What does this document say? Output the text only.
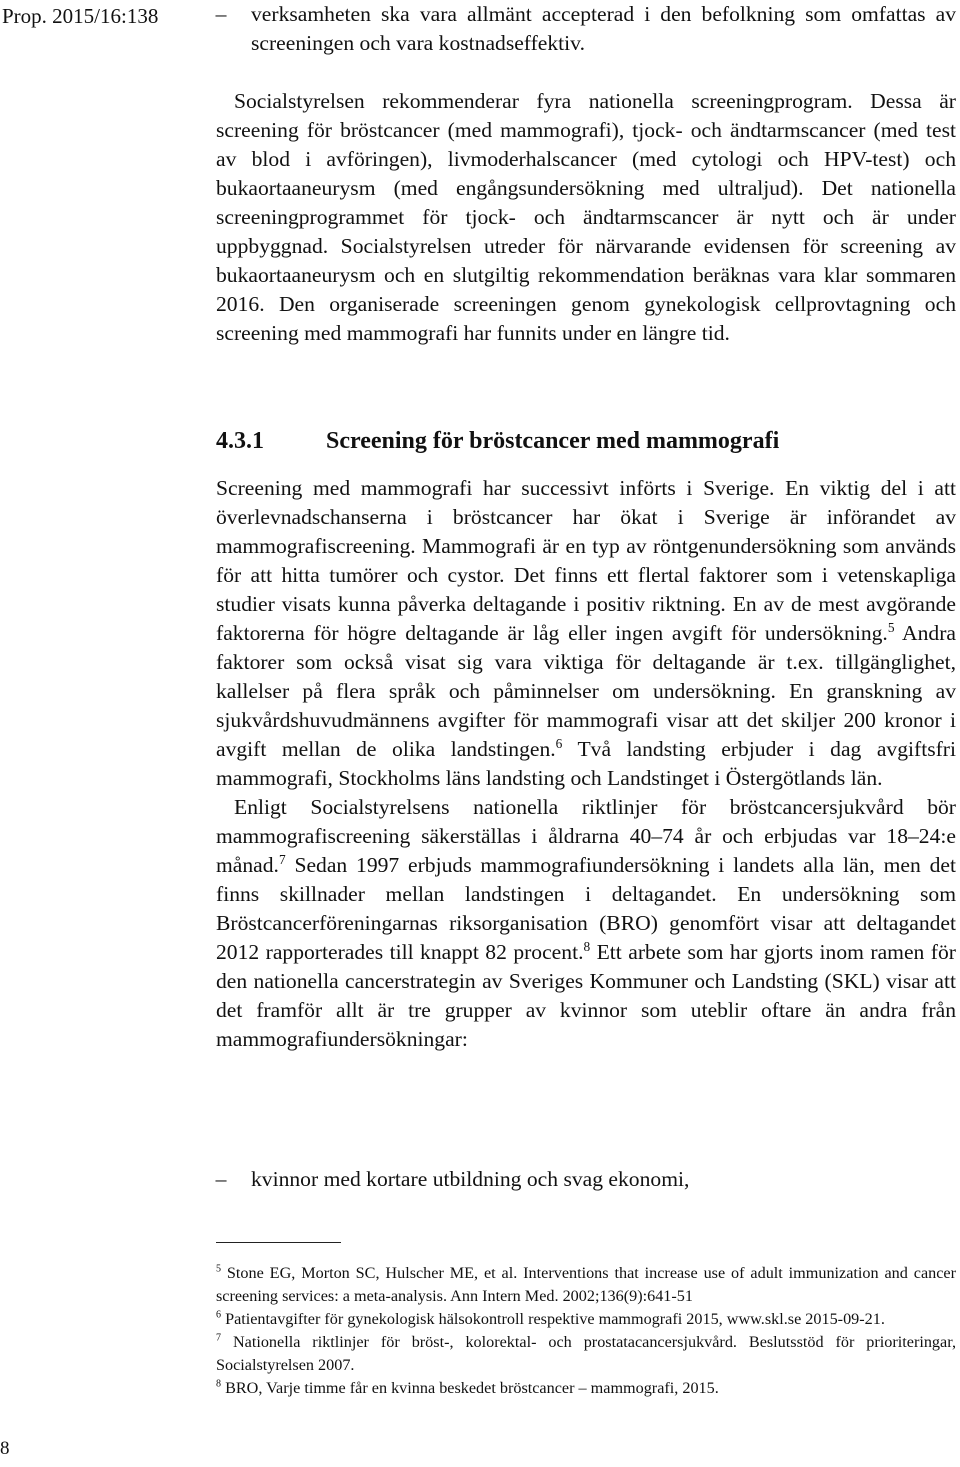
Prop. 2015/16:138	–	verksamheten ska vara allmänt accepterad i den befolkning som omfattas av screeningen och vara kostnadseffektiv.

Socialstyrelsen rekommenderar fyra nationella screeningprogram. Dessa är screening för bröstcancer (med mammografi), tjock- och ändtarmscancer (med test av blod i avföringen), livmoderhalscancer (med cytologi och HPV-test) och bukaortaaneurysm (med engångsundersökning med ultraljud). Det nationella screeningprogrammet för tjock- och ändtarmscancer är nytt och är under uppbyggnad. Socialstyrelsen utreder för närvarande evidensen för screening av bukaortaaneurysm och en slutgiltig rekommendation beräknas vara klar sommaren 2016. Den organiserade screeningen genom gynekologisk cellprovtagning och screening med mammografi har funnits under en längre tid.

4.3.1	Screening för bröstcancer med mammografi

Screening med mammografi har successivt införts i Sverige. En viktig del i att överlevnadschanserna i bröstcancer har ökat i Sverige är införandet av mammografiscreening. Mammografi är en typ av röntgenundersökning som används för att hitta tumörer och cystor. Det finns ett flertal faktorer som i vetenskapliga studier visats kunna påverka deltagande i positiv riktning. En av de mest avgörande faktorerna för högre deltagande är låg eller ingen avgift för undersökning.$^5$ Andra faktorer som också visat sig vara viktiga för deltagande är t.ex. tillgänglighet, kallelser på flera språk och påminnelser om undersökning. En granskning av sjukvårdshuvudmännens avgifter för mammografi visar att det skiljer 200 kronor i avgift mellan de olika landstingen.$^6$ Två landsting erbjuder i dag avgiftsfri mammografi, Stockholms läns landsting och Landstinget i Östergötlands län.

Enligt Socialstyrelsens nationella riktlinjer för bröstcancersjukvård bör mammografiscreening säkerställas i åldrarna 40–74 år och erbjudas var 18–24:e månad.$^7$ Sedan 1997 erbjuds mammografiundersökning i landets alla län, men det finns skillnader mellan landstingen i deltagandet. En undersökning som Bröstcancerföreningarnas riksorganisation (BRO) genomfört visar att deltagandet 2012 rapporterades till knappt 82 procent.$^8$ Ett arbete som har gjorts inom ramen för den nationella cancerstrategin av Sveriges Kommuner och Landsting (SKL) visar att det framför allt är tre grupper av kvinnor som uteblir oftare än andra från mammografiundersökningar:

–	kvinnor med kortare utbildning och svag ekonomi,

$^5$ Stone EG, Morton SC, Hulscher ME, et al. Interventions that increase use of adult immunization and cancer screening services: a meta-analysis. Ann Intern Med. 2002;136(9):641-51

$^6$ Patientavgifter för gynekologisk hälsokontroll respektive mammografi 2015, www.skl.se 2015-09-21.

$^7$ Nationella riktlinjer för bröst-, kolorektal- och prostatacancersjukvård. Beslutsstöd för prioriteringar, Socialstyrelsen 2007.

$^8$ BRO, Varje timme får en kvinna beskedet bröstcancer – mammografi, 2015.

8
